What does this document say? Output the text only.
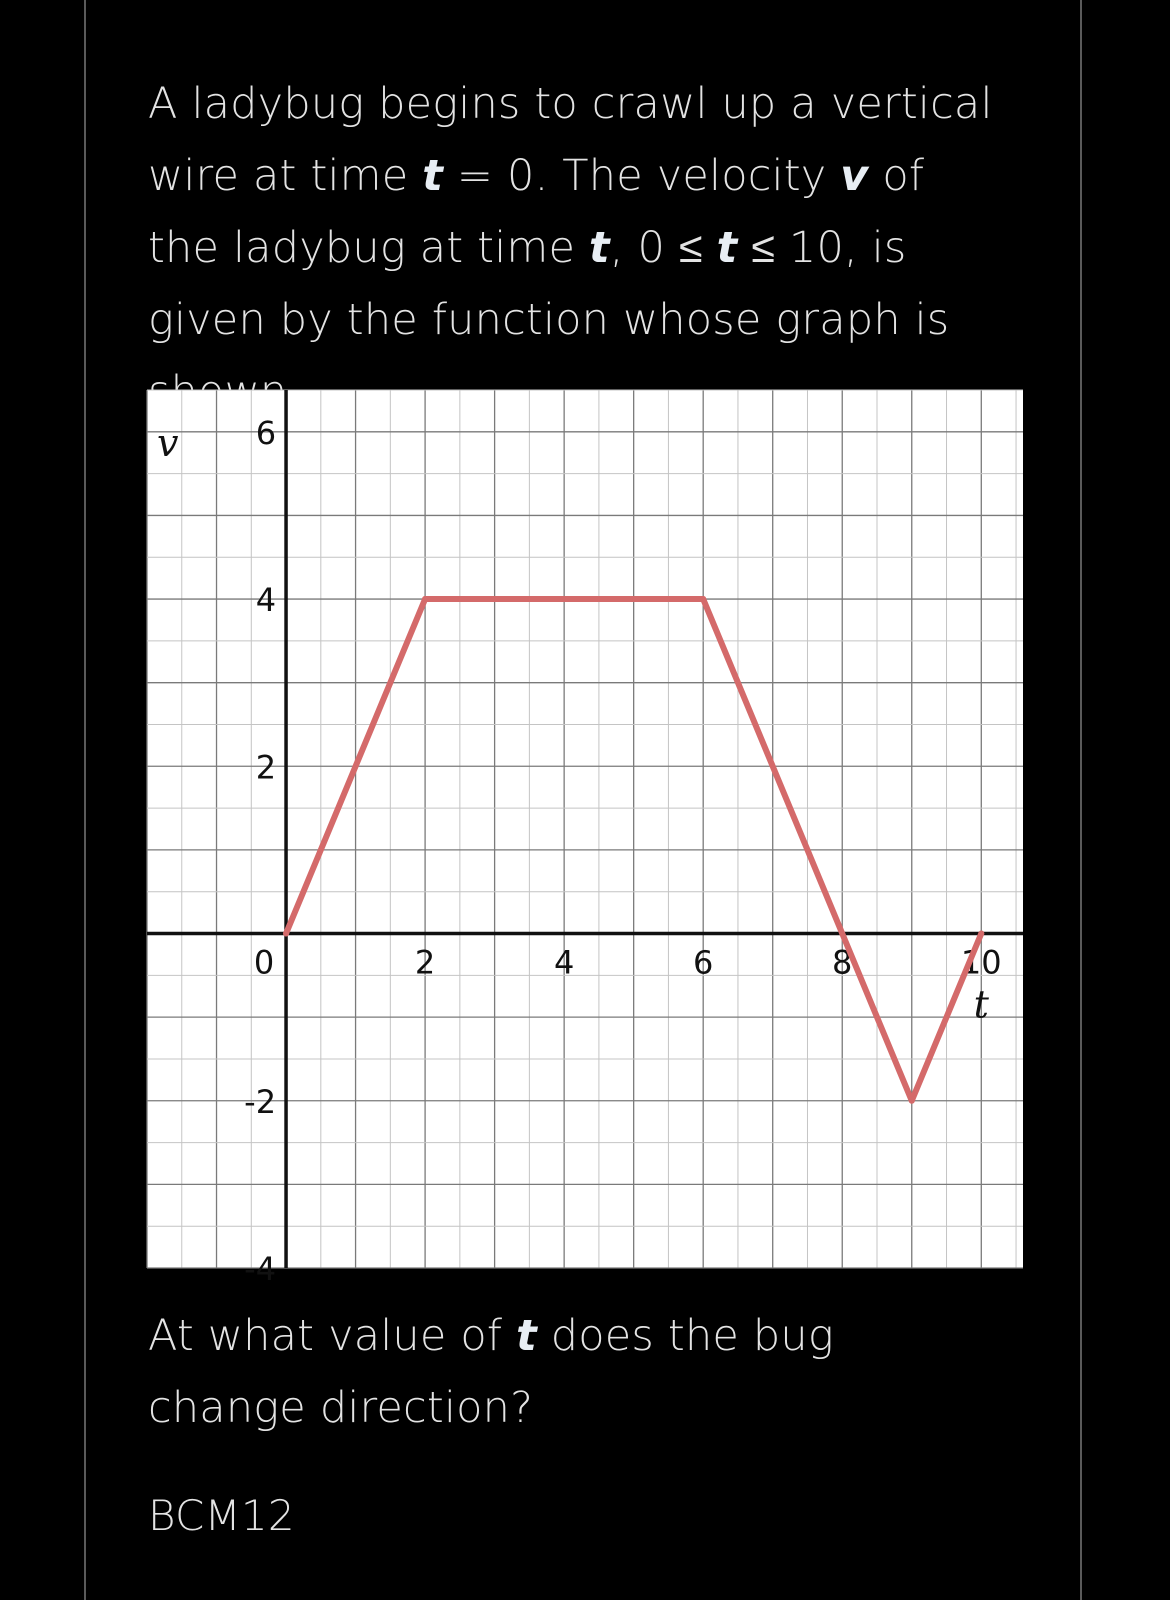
A ladybug begins to crawl up a vertical wire at time t = 0. The velocity v of the ladybug at time t, 0 ≤ t ≤ 10, is given by the function whose graph is
6
4
2
-2
-4
0	2	4	6	8	10
v
t
At what value of t does the bug change direction?
BCM12
